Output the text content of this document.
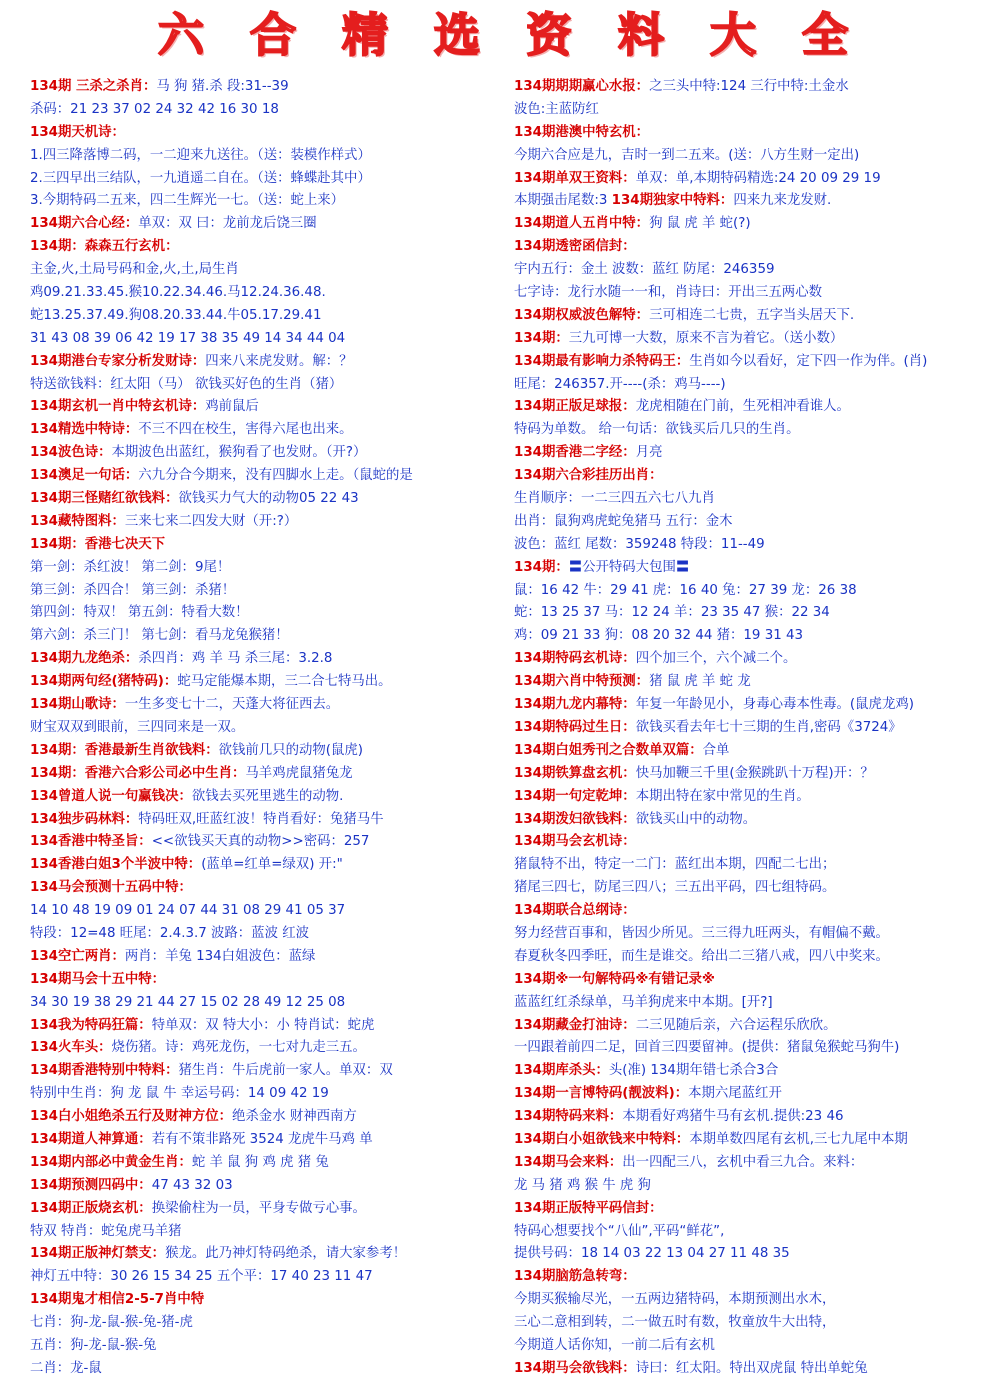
六 合 精 选 资 料 大 全
134期 三杀之杀肖：马 狗 猪.杀 段:31--39
杀码：21 23 37 02 24 32 42 16 30 18
134期天机诗：
1.四三降落博二码，一二迎来九送往。（送：装模作样式）
2.三四早出三结队，一九逍遥二自在。（送：蜂蝶赴其中）
3.今期特码二五来，四二生辉光一七。（送：蛇上来）
134期六合心经：单双：双 曰：龙前龙后饶三圈
134期：森森五行玄机：
主金,火,土局号码和金,火,土,局生肖
鸡09.21.33.45.猴10.22.34.46.马12.24.36.48.
蛇13.25.37.49.狗08.20.33.44.牛05.17.29.41
31 43 08 39 06 42 19 17 38 35 49 14 34 44 04
134期港台专家分析发财诗：四来八来虎发财。解：？
特送欲钱料：红太阳（马） 欲钱买好色的生肖（猪）
134期玄机一肖中特玄机诗：鸡前鼠后
134精选中特诗：不三不四在校生，害得六尾也出来。
134波色诗：本期波色出蓝红，猴狗看了也发财。（开?）
134澳足一句话：六九分合今期来，没有四脚水上走。（鼠蛇的是
134期三怪赌红欲钱料：欲钱买力气大的动物05 22 43
134藏特图料：三来七来二四发大财（开:?）
134期：香港七决天下
第一剑：杀红波！ 第二剑：9尾！
第三剑：杀四合！ 第三剑：杀猪！
第四剑：特双！ 第五剑：特看大数！
第六剑：杀三门！ 第七剑：看马龙兔猴猪！
134期九龙绝杀：杀四肖：鸡 羊 马 杀三尾：3.2.8
134期两句经(猪特码)：蛇马定能爆本期，三二合七特马出。
134期山歌诗：一生多变七十二，天蓬大将征西去。
财宝双双到眼前，三四同来是一双。
134期：香港最新生肖欲钱料：欲钱前几只的动物(鼠虎)
134期：香港六合彩公司必中生肖：马羊鸡虎鼠猪兔龙
134曾道人说一句赢钱决：欲钱去买死里逃生的动物.
134独步码林料：特码旺双,旺蓝红波！特肖看好：兔猪马牛
134香港中特圣旨：<<欲钱买天真的动物>>密码：257
134香港白姐3个半波中特：(蓝单=红单=绿双) 开:"
134马会预测十五码中特：
14 10 48 19 09 01 24 07 44 31 08 29 41 05 37
特段：12=48 旺尾：2.4.3.7 波路：蓝波 红波
134空亡两肖：两肖：羊兔 134白姐波色：蓝绿
134期马会十五中特：
34 30 19 38 29 21 44 27 15 02 28 49 12 25 08
134我为特码狂篇：特单双：双 特大小：小 特肖试：蛇虎
134火车头：烧伤猪。诗：鸡死龙伤，一七对九走三五。
134期香港特别中特料：猪生肖：牛后虎前一家人。单双：双
特别中生肖：狗 龙 鼠 牛 幸运号码：14 09 42 19
134白小姐绝杀五行及财神方位：绝杀金水 财神西南方
134期道人神算通：若有不策非路死 3524 龙虎牛马鸡 单
134期内部必中黄金生肖：蛇 羊 鼠 狗 鸡 虎 猪 兔
134期预测四码中：47 43 32 03
134期正版烧玄机：换梁偷柱为一员，平身专做亏心事。
特双 特肖：蛇兔虎马羊猪
134期正版神灯禁支：猴龙。此乃神灯特码绝杀，请大家参考！
神灯五中特：30 26 15 34 25 五个平：17 40 23 11 47
134期鬼才相信2-5-7肖中特
七肖：狗-龙-鼠-猴-兔-猪-虎
五肖：狗-龙-鼠-猴-兔
二肖：龙-鼠
134期期期赢心水报：之三头中特:124 三行中特:土金水
波色:主蓝防红
134期港澳中特玄机：
今期六合应是九，吉时一到二五来。(送：八方生财一定出)
134期单双王资料：单双：单,本期特码精选:24 20 09 29 19
本期强击尾数:3 134期独家中特料：四来九来龙发财.
134期道人五肖中特：狗 鼠 虎 羊 蛇(?)
134期透密函信封：
宇内五行：金土 波数：蓝红 防尾：246359
七字诗：龙行水随一一和，肖诗曰：开出三五两心数
134期权威波色解特：三可相连二七贵，五字当头居天下.
134期：三九可博一大数，原来不言为着它。（送小数）
134期最有影响力杀特码王：生肖如今以看好，定下四一作为伴。(肖)
旺尾：246357.开----(杀：鸡马----)
134期正版足球报：龙虎相随在门前，生死相冲看谁人。
特码为单数。 给一句话：欲钱买后几只的生肖。
134期香港二字经：月亮
134期六合彩挂历出肖：
生肖顺序：一二三四五六七八九肖
出肖：鼠狗鸡虎蛇兔猪马 五行：金木
波色：蓝红 尾数：359248 特段：11--49
134期：〓公开特码大包围〓
鼠：16 42 牛：29 41 虎：16 40 兔：27 39 龙：26 38
蛇：13 25 37 马：12 24 羊：23 35 47 猴：22 34
鸡：09 21 33 狗：08 20 32 44 猪：19 31 43
134期特码玄机诗：四个加三个，六个减二个。
134期六肖中特预测：猪 鼠 虎 羊 蛇 龙
134期九龙内幕特：年复一年龄见小，身毒心毒本性毒。(鼠虎龙鸡)
134期特码过生日：欲钱买看去年七十三期的生肖,密码《3724》
134期白姐秀刊之合数单双篇：合单
134期铁算盘玄机：快马加鞭三千里(金猴跳趴十万程)开：？
134期一句定乾坤：本期出特在家中常见的生肖。
134期泼妇欲钱料：欲钱买山中的动物。
134期马会玄机诗：
猪鼠特不出，特定一二门：蓝红出本期，四配二七出；
猪尾三四七，防尾三四八；三五出平码，四七组特码。
134期联合总纲诗：
努力经营百事和，皆因少所见。三三得九旺两头，有帽偏不戴。
春夏秋冬四季旺，而生是谁交。给出二三猪八戒，四八中奖来。
134期※一句解特码※有错记录※
蓝蓝红红杀绿单，马羊狗虎来中本期。[开?]
134期藏金打油诗：二三见随后亲，六合运程乐欣欣。
一四跟着前四二足，回首三四要留神。(提供：猪鼠兔猴蛇马狗牛)
134期库杀头：头(准) 134期年错七杀合3合
134期一言博特码(靓波料)：本期六尾蓝红开
134期特码来料：本期看好鸡猪牛马有玄机.提供:23 46
134期白小姐欲钱来中特料：本期单数四尾有玄机,三七九尾中本期
134期马会来料：出一四配三八，玄机中看三九合。来料：
龙 马 猪 鸡 猴 牛 虎 狗
134期正版特平码信封：
特码心想要找个“八仙”,平码“鲜花”,
提供号码：18 14 03 22 13 04 27 11 48 35
134期脑筋急转弯：
今期买猴输尽光，一五两边猪特码，本期预测出水木，
三心二意相到转，二一做五时有数，牧童放牛大出特，
今期道人话你知，一前二后有玄机
134期马会欲钱料：诗曰：红太阳。特出双虎鼠 特出单蛇兔
